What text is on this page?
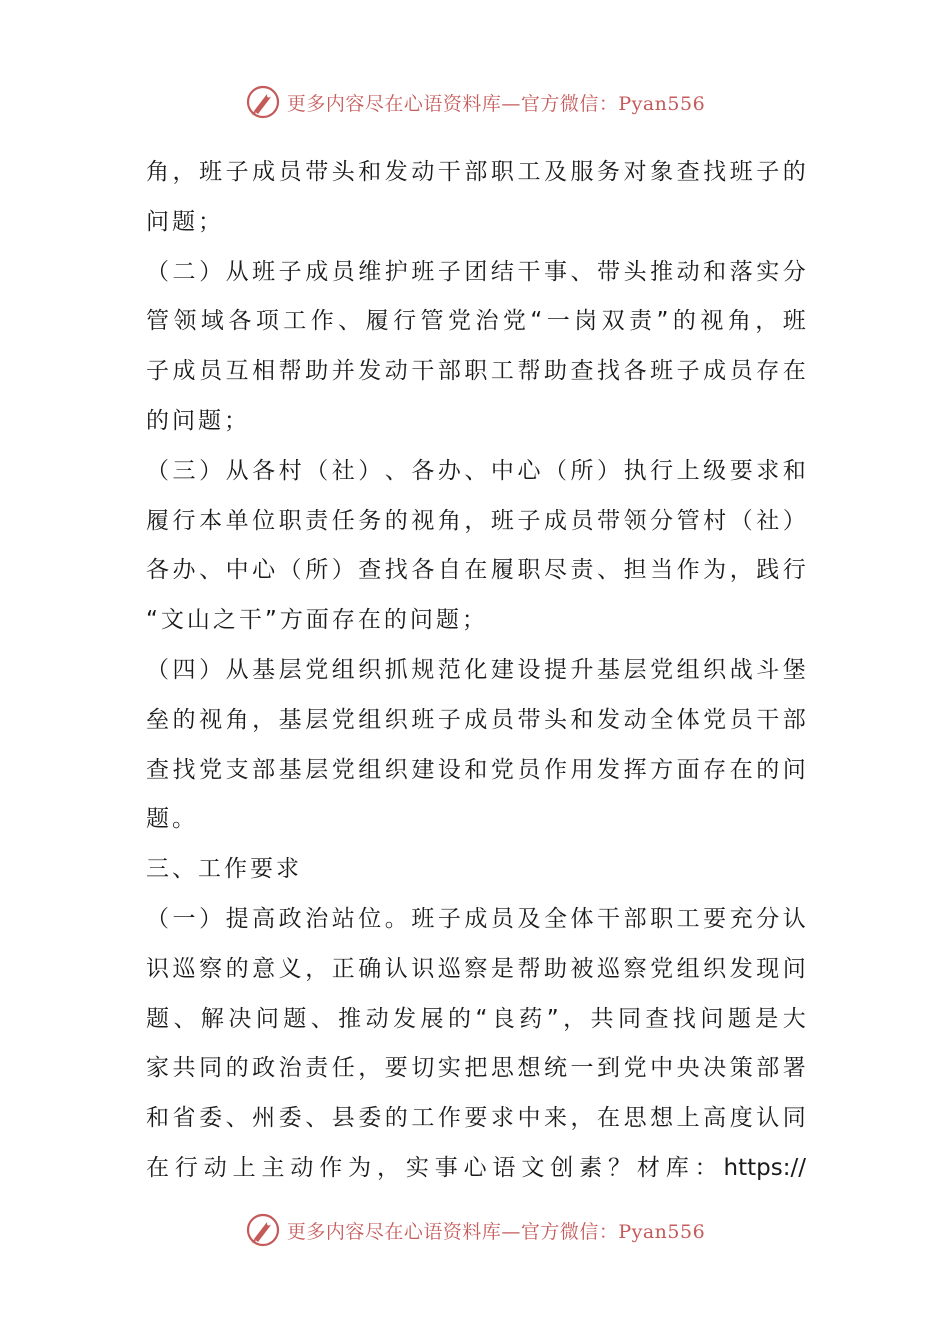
更多内容尽在心语资料库—官方微信：Pyan556
角 ， 班 子 成 员 带 头 和 发 动 干 部 职 工 及 服 务 对 象 查 找 班 子 的
问题；
（ 二 ） 从 班 子 成 员 维 护 班 子 团 结 干 事 、 带 头 推 动 和 落 实 分
管 领 域 各 项 工 作 、 履 行 管 党 治 党 “ 一 岗 双 责 ” 的 视 角 ， 班
子 成 员 互 相 帮 助 并 发 动 干 部 职 工 帮 助 查 找 各 班 子 成 员 存 在
的问题；
（ 三 ） 从 各 村 （ 社 ） 、 各 办 、 中 心 （ 所 ） 执 行 上 级 要 求 和
履 行 本 单 位 职 责 任 务 的 视 角 ， 班 子 成 员 带 领 分 管 村 （ 社 ）
各 办 、 中 心 （ 所 ） 查 找 各 自 在 履 职 尽 责 、 担 当 作 为 ， 践 行
“文山之干”方面存在的问题；
（ 四 ） 从 基 层 党 组 织 抓 规 范 化 建 设 提 升 基 层 党 组 织 战 斗 堡
垒 的 视 角 ， 基 层 党 组 织 班 子 成 员 带 头 和 发 动 全 体 党 员 干 部
查 找 党 支 部 基 层 党 组 织 建 设 和 党 员 作 用 发 挥 方 面 存 在 的 问
题。
三、工作要求
（ 一 ） 提 高 政 治 站 位 。 班 子 成 员 及 全 体 干 部 职 工 要 充 分 认
识 巡 察 的 意 义 ， 正 确 认 识 巡 察 是 帮 助 被 巡 察 党 组 织 发 现 问
题 、 解 决 问 题 、 推 动 发 展 的 “ 良 药 ” ， 共 同 查 找 问 题 是 大
家 共 同 的 政 治 责 任 ， 要 切 实 把 思 想 统 一 到 党 中 央 决 策 部 署
和 省 委 、 州 委 、 县 委 的 工 作 要 求 中 来 ， 在 思 想 上 高 度 认 同
在 行 动 上 主 动 作 为 ， 实 事 心 语 文 创 素 ？ 材 库 ： https://
更多内容尽在心语资料库—官方微信：Pyan556
